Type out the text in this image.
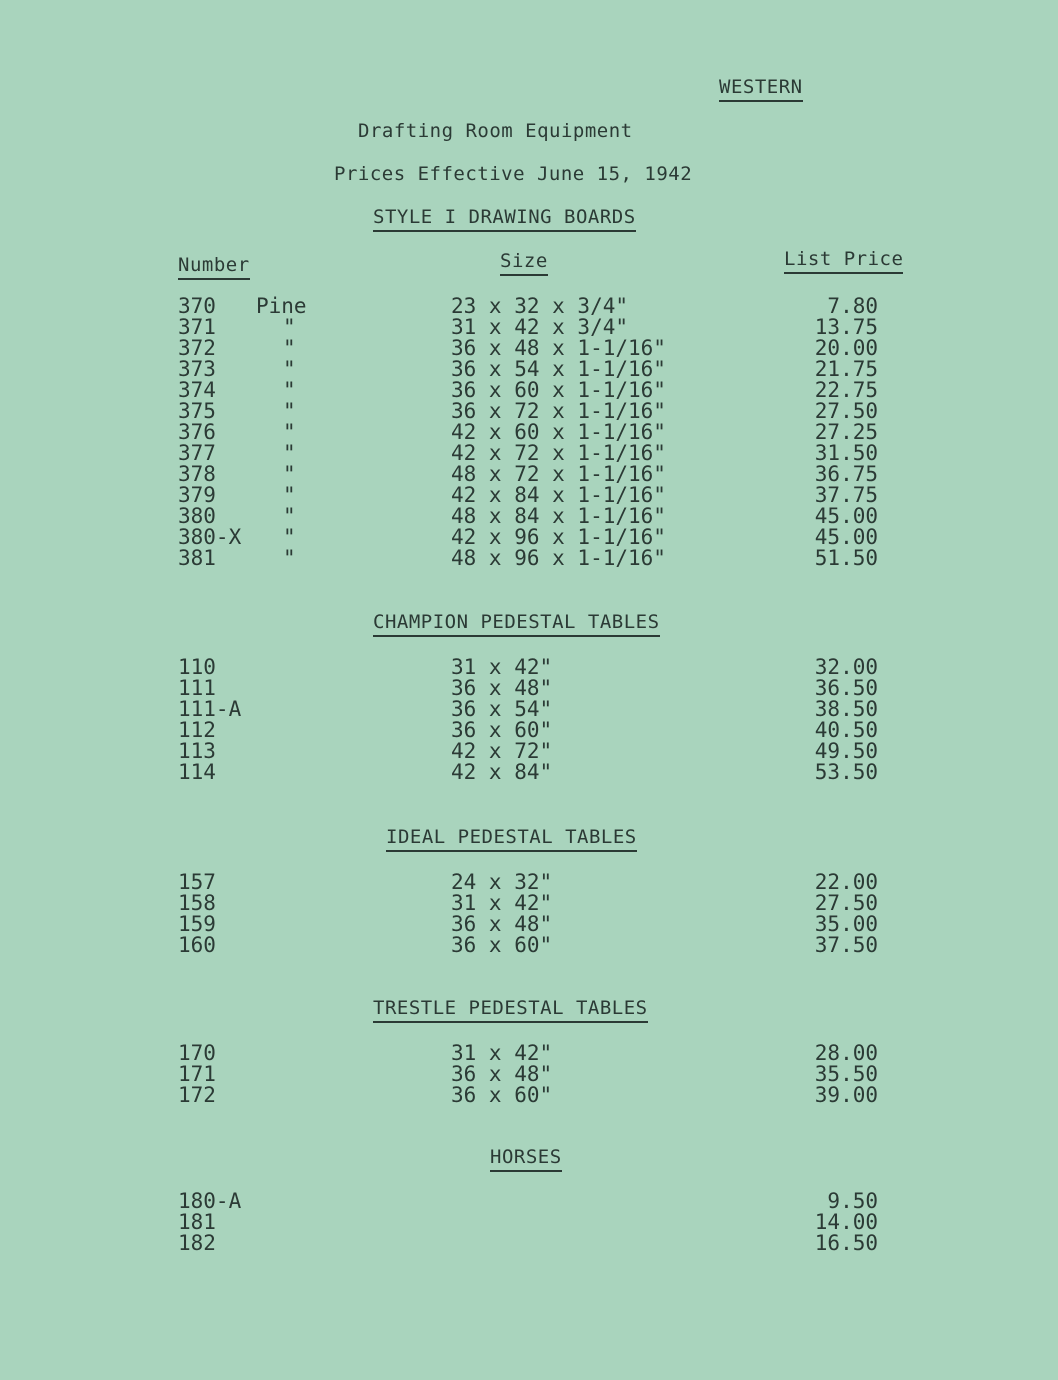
WESTERN
Drafting Room Equipment
Prices Effective June 15, 1942
STYLE I DRAWING BOARDS
Number	Size	List Price
370 Pine	23 x 32 x 3/4"	7.80
371	"	31 x 42 x 3/4"	13.75
372	"	36 x 48 x 1-1/16"	20.00
373	"	36 x 54 x 1-1/16"	21.75
374	"	36 x 60 x 1-1/16"	22.75
375	"	36 x 72 x 1-1/16"	27.50
376	"	42 x 60 x 1-1/16"	27.25
377	"	42 x 72 x 1-1/16"	31.50
378	"	48 x 72 x 1-1/16"	36.75
379	"	42 x 84 x 1-1/16"	37.75
380	"	48 x 84 x 1-1/16"	45.00
380-X "	42 x 96 x 1-1/16"	45.00
381	"	48 x 96 x 1-1/16"	51.50
CHAMPION PEDESTAL TABLES
110	31 x 42"	32.00
111	36 x 48"	36.50
111-A	36 x 54"	38.50
112	36 x 60"	40.50
113	42 x 72"	49.50
114	42 x 84"	53.50
IDEAL PEDESTAL TABLES
157	24 x 32"	22.00
158	31 x 42"	27.50
159	36 x 48"	35.00
160	36 x 60"	37.50
TRESTLE PEDESTAL TABLES
170	31 x 42"	28.00
171	36 x 48"	35.50
172	36 x 60"	39.00
HORSES
180-A	9.50
181	14.00
182	16.50
